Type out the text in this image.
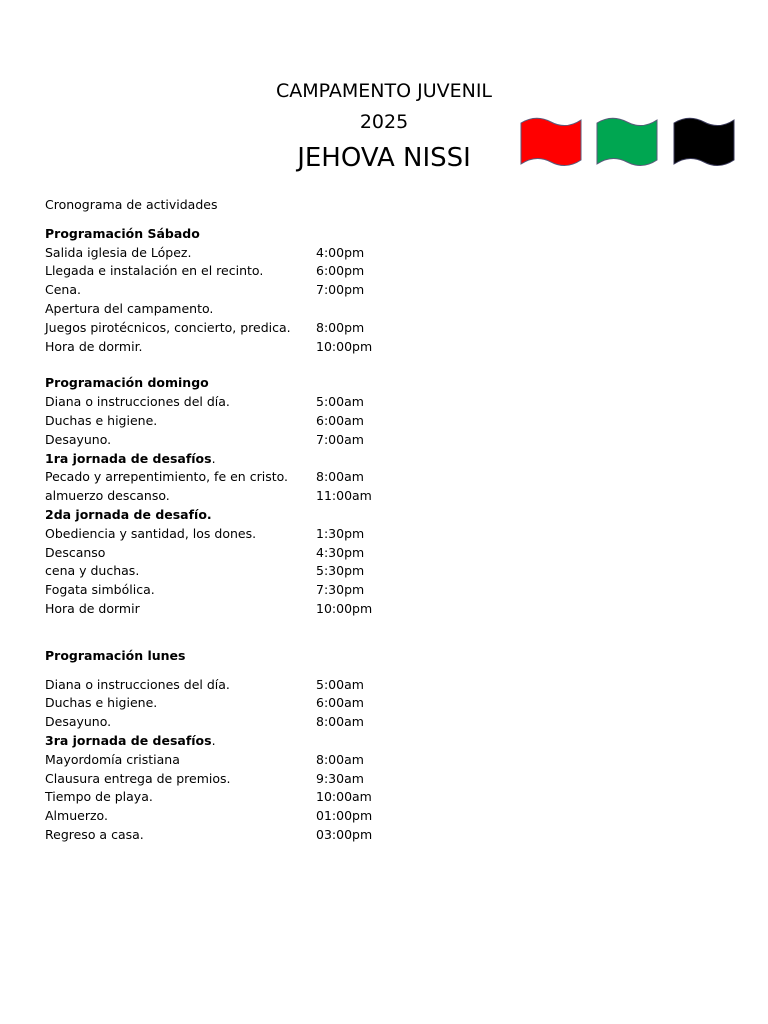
CAMPAMENTO JUVENIL
2025
JEHOVA NISSI
Cronograma de actividades
Programación Sábado
Salida iglesia de López.	4:00pm
Llegada e instalación en el recinto.	6:00pm
Cena.	7:00pm
Apertura del campamento.
Juegos pirotécnicos, concierto, predica. 8:00pm
Hora de dormir.	10:00pm
Programación domingo
Diana o instrucciones del día.	5:00am
Duchas e higiene.	6:00am
Desayuno.	7:00am
1ra jornada de desafíos.
Pecado y arrepentimiento, fe en cristo. 8:00am
almuerzo descanso.	11:00am
2da jornada de desafío.
Obediencia y santidad, los dones.	1:30pm
Descanso	4:30pm
cena y duchas.	5:30pm
Fogata simbólica.	7:30pm
Hora de dormir	10:00pm
Programación lunes
Diana o instrucciones del día.	5:00am
Duchas e higiene.	6:00am
Desayuno.	8:00am
3ra jornada de desafíos.
Mayordomía cristiana	8:00am
Clausura entrega de premios.	9:30am
Tiempo de playa.	10:00am
Almuerzo.	01:00pm
Regreso a casa.	03:00pm
